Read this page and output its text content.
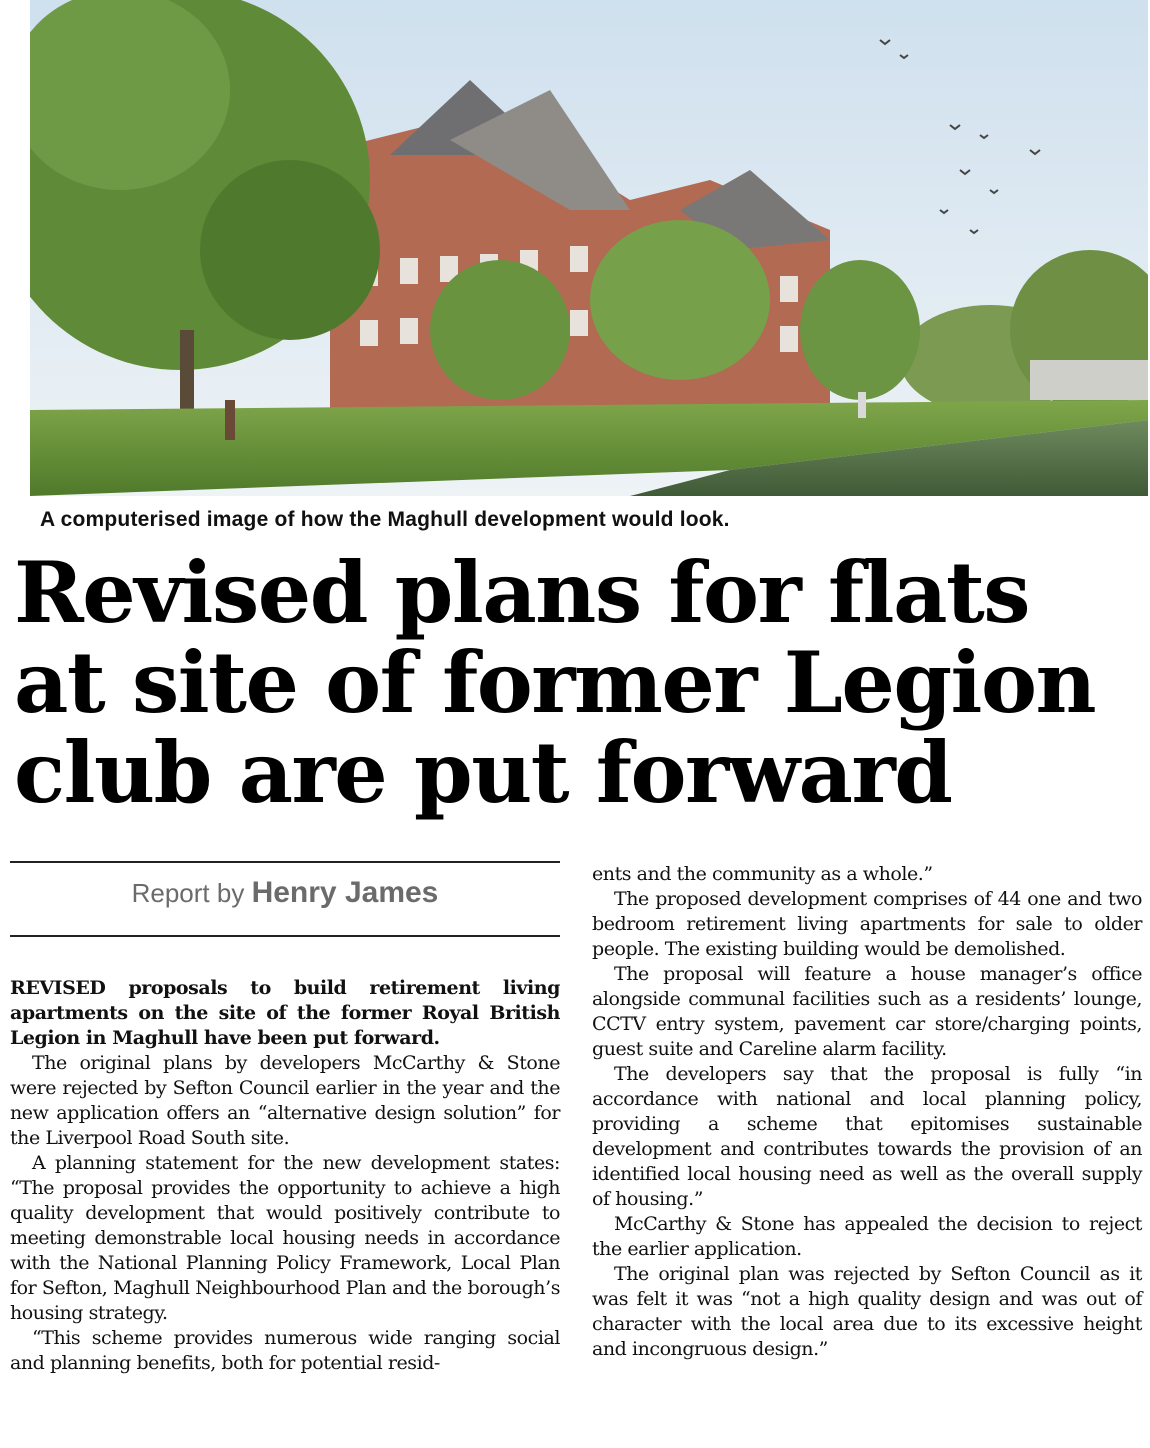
A computerised image of how the Maghull development would look.
Revised plans for flats at site of former Legion club are put forward
Report by Henry James

REVISED proposals to build retirement living apartments on the site of the former Royal British Legion in Maghull have been put forward.

The original plans by developers McCarthy & Stone were rejected by Sefton Council earlier in the year and the new application offers an “alternative design solution” for the Liverpool Road South site.

A planning statement for the new development states: “The proposal provides the opportunity to achieve a high quality development that would positively contribute to meeting demonstrable local housing needs in accordance with the National Planning Policy Framework, Local Plan for Sefton, Maghull Neighbourhood Plan and the borough’s housing strategy.

“This scheme provides numerous wide ranging social and planning benefits, both for potential resid-

ents and the community as a whole.”

The proposed development comprises of 44 one and two bedroom retirement living apartments for sale to older people. The existing building would be demolished.

The proposal will feature a house manager’s office alongside communal facilities such as a residents’ lounge, CCTV entry system, pavement car store/charging points, guest suite and Careline alarm facility.

The developers say that the proposal is fully “in accordance with national and local planning policy, providing a scheme that epitomises sustainable development and contributes towards the provision of an identified local housing need as well as the overall supply of housing.”

McCarthy & Stone has appealed the decision to reject the earlier application.

The original plan was rejected by Sefton Council as it was felt it was “not a high quality design and was out of character with the local area due to its excessive height and incongruous design.”
